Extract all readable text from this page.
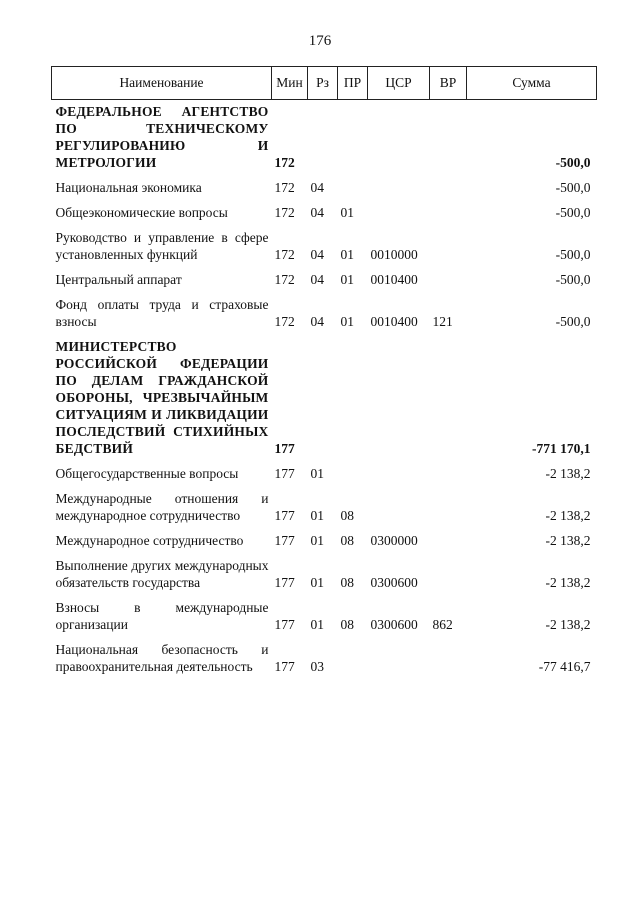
176
Наименование	Мин	Рз	ПР	ЦСР	ВР	Сумма
ФЕДЕРАЛЬНОЕ АГЕНТСТВО ПО ТЕХНИЧЕСКОМУ РЕГУЛИРОВАНИЮ И МЕТРОЛОГИИ	172					-500,0
Национальная экономика	172	04				-500,0
Общеэкономические вопросы	172	04	01			-500,0
Руководство и управление в сфере установленных функций	172	04	01	0010000		-500,0
Центральный аппарат	172	04	01	0010400		-500,0
Фонд оплаты труда и страховые взносы	172	04	01	0010400	121	-500,0
МИНИСТЕРСТВО РОССИЙСКОЙ ФЕДЕРАЦИИ ПО ДЕЛАМ ГРАЖДАНСКОЙ ОБОРОНЫ, ЧРЕЗВЫЧАЙНЫМ СИТУАЦИЯМ И ЛИКВИДАЦИИ ПОСЛЕДСТВИЙ СТИХИЙНЫХ БЕДСТВИЙ	177					-771 170,1
Общегосударственные вопросы	177	01				-2 138,2
Международные отношения и международное сотрудничество	177	01	08			-2 138,2
Международное сотрудничество	177	01	08	0300000		-2 138,2
Выполнение других международных обязательств государства	177	01	08	0300600		-2 138,2
Взносы в международные организации	177	01	08	0300600	862	-2 138,2
Национальная безопасность и правоохранительная деятельность	177	03				-77 416,7
